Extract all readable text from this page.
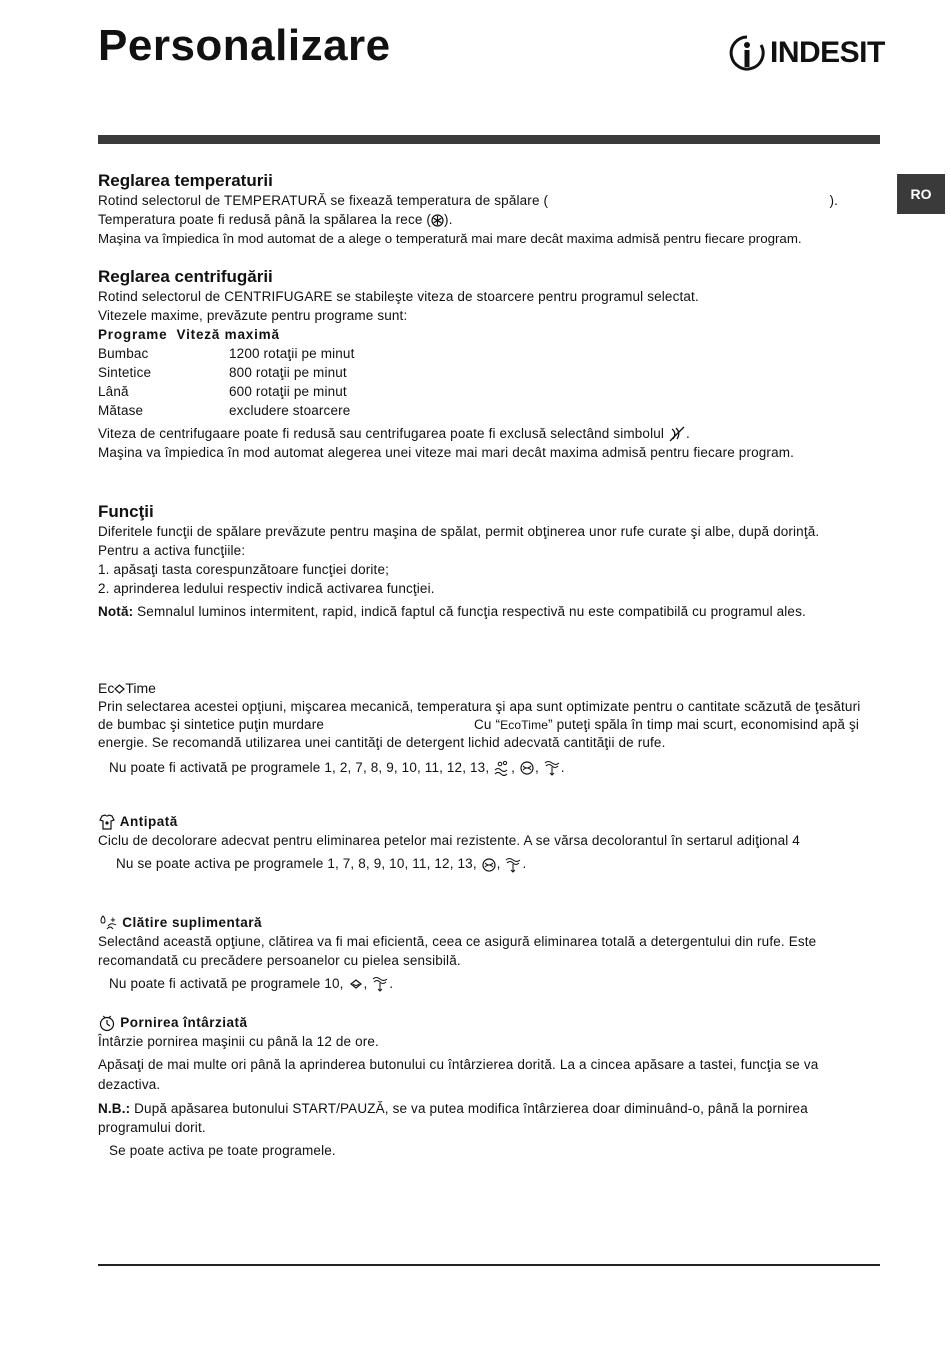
Personalizare	INDESIT
RO

Reglarea temperaturii

Rotind selectorul de TEMPERATURĂ se fixează temperatura de spălare (	).

Temperatura poate fi redusă până la spălarea la rece ( ).

Maşina va împiedica în mod automat de a alege o temperatură mai mare decât maxima admisă pentru fiecare program.

Reglarea centrifugării

Rotind selectorul de CENTRIFUGARE se stabileşte viteza de stoarcere pentru programul selectat.

Vitezele maxime, prevăzute pentru programe sunt:

Programe Viteză maximă

Bumbac	1200 rotaţii pe minut
Sintetice	800 rotaţii pe minut
Lână	600 rotaţii pe minut
Mătase	excludere stoarcere

Viteza de centrifugaare poate fi redusă sau centrifugarea poate fi exclusă selectând simbolul .

Maşina va împiedica în mod automat alegerea unei viteze mai mari decât maxima admisă pentru fiecare program.

Funcţii

Diferitele funcţii de spălare prevăzute pentru maşina de spălat, permit obţinerea unor rufe curate şi albe, după dorinţă.

Pentru a activa funcţiile:

1. apăsaţi tasta corespunzătoare funcţiei dorite;

2. aprinderea ledului respectiv indică activarea funcţiei.

Notă: Semnalul luminos intermitent, rapid, indică faptul că funcţia respectivă nu este compatibilă cu programul ales.

Ec Time

Prin selectarea acestei opţiuni, mişcarea mecanică, temperatura şi apa sunt optimizate pentru o cantitate scăzută de ţesături de bumbac şi sintetice puţin murdare	Cu “EcoTime” puteţi spăla în timp mai scurt, economisind apă şi energie. Se recomandă utilizarea unei cantităţi de detergent lichid adecvată cantităţii de rufe.

Nu poate fi activată pe programele 1, 2, 7, 8, 9, 10, 11, 12, 13, , , .

Antipată

Ciclu de decolorare adecvat pentru eliminarea petelor mai rezistente. A se vărsa decolorantul în sertarul adiţional 4

Nu se poate activa pe programele 1, 7, 8, 9, 10, 11, 12, 13, , .

+ Clătire suplimentară

Selectând această opţiune, clătirea va fi mai eficientă, ceea ce asigură eliminarea totală a detergentului din rufe. Este recomandată cu precădere persoanelor cu pielea sensibilă.

Nu poate fi activată pe programele 10, , .

Pornirea întârziată

Întârzie pornirea maşinii cu până la 12 de ore.

Apăsaţi de mai multe ori până la aprinderea butonului cu întârzierea dorită. La a cincea apăsare a tastei, funcţia se va dezactiva.

N.B.: După apăsarea butonului START/PAUZĂ, se va putea modifica întârzierea doar diminuând-o, până la pornirea programului dorit.

Se poate activa pe toate programele.
